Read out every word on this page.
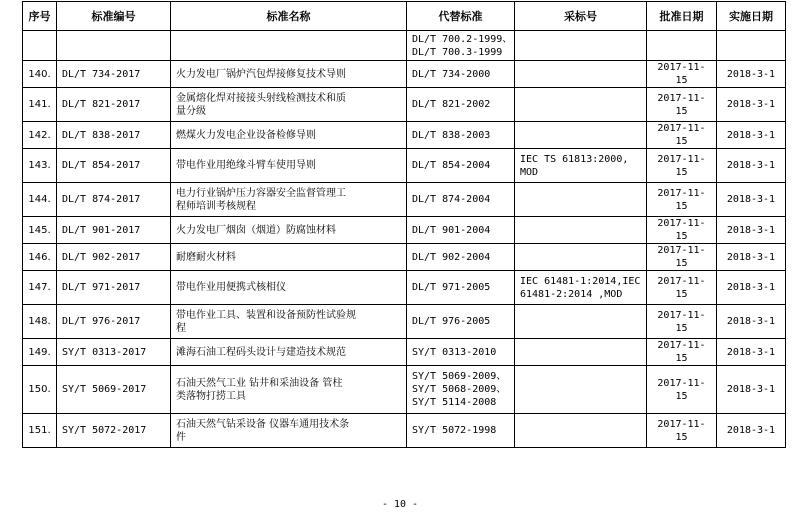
序号	标准编号	标准名称	代替标准	采标号	批准日期	实施日期

			DL/T 700.2-1999、
DL/T 700.3-1999			

140.	DL/T 734-2017	火力发电厂锅炉汽包焊接修复技术导则	DL/T 734-2000		2017-11-15	2018-3-1
141.	DL/T 821-2017	金属熔化焊对接接头射线检测技术和质
量分级	DL/T 821-2002		2017-11-15	2018-3-1
142.	DL/T 838-2017	燃煤火力发电企业设备检修导则	DL/T 838-2003		2017-11-15	2018-3-1
143.	DL/T 854-2017	带电作业用绝缘斗臂车使用导则	DL/T 854-2004	IEC TS 61813:2000,
MOD	2017-11-15	2018-3-1
144.	DL/T 874-2017	电力行业锅炉压力容器安全监督管理工
程师培训考核规程	DL/T 874-2004		2017-11-15	2018-3-1
145.	DL/T 901-2017	火力发电厂烟囱（烟道）防腐蚀材料	DL/T 901-2004		2017-11-15	2018-3-1
146.	DL/T 902-2017	耐磨耐火材料	DL/T 902-2004		2017-11-15	2018-3-1
147.	DL/T 971-2017	带电作业用便携式核相仪	DL/T 971-2005	IEC 61481-1:2014,IEC
61481-2:2014 ,MOD	2017-11-15	2018-3-1
148.	DL/T 976-2017	带电作业工具、装置和设备预防性试验规
程	DL/T 976-2005		2017-11-15	2018-3-1
149.	SY/T 0313-2017	滩海石油工程码头设计与建造技术规范	SY/T 0313-2010		2017-11-15	2018-3-1
150.	SY/T 5069-2017	石油天然气工业 钻井和采油设备 管柱
类落物打捞工具	SY/T 5069-2009、
SY/T 5068-2009、
SY/T 5114-2008		2017-11-15	2018-3-1
151.	SY/T 5072-2017	石油天然气钻采设备 仪器车通用技术条
件	SY/T 5072-1998		2017-11-15	2018-3-1
- 10 -
